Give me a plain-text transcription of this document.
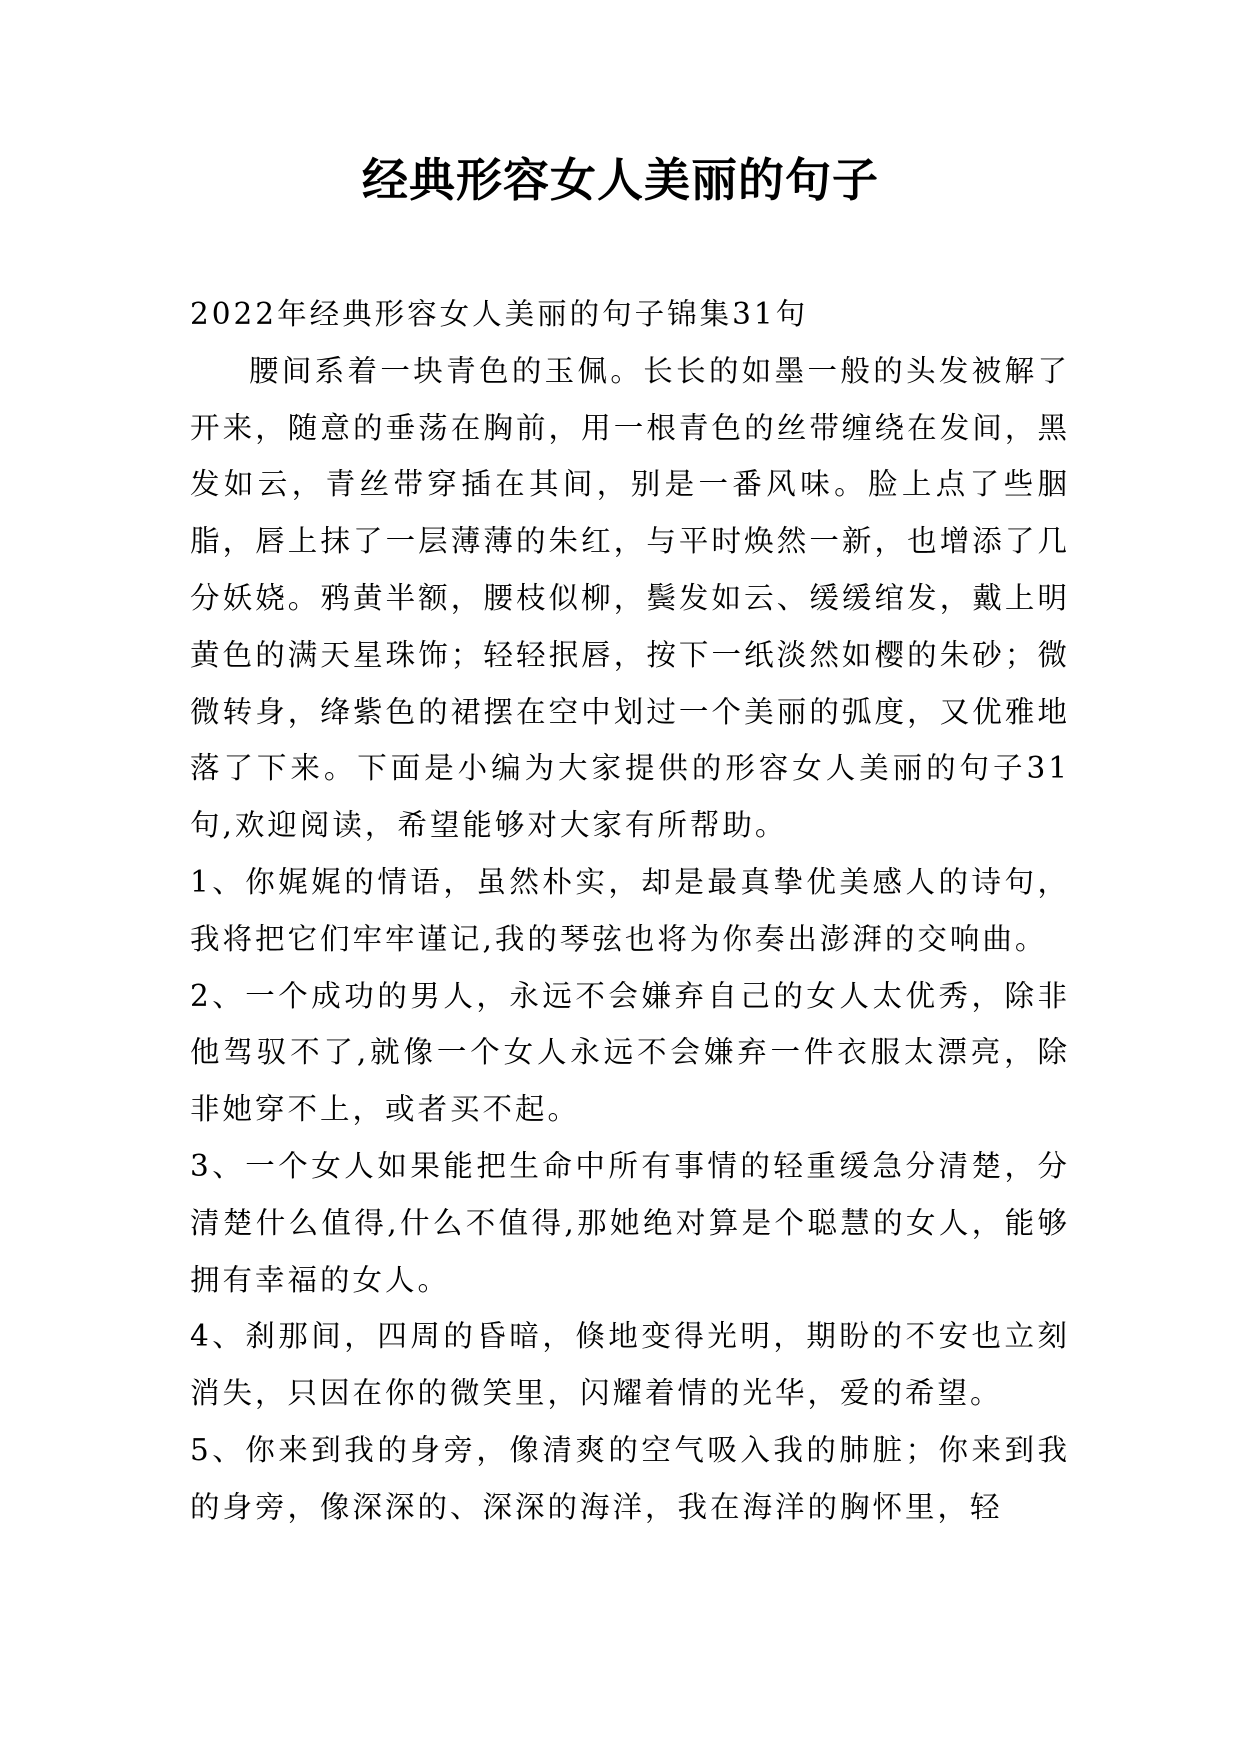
经典形容女人美丽的句子

2022年经典形容女人美丽的句子锦集31句

腰间系着一块青色的玉佩。长长的如墨一般的头发被解了开来，随意的垂荡在胸前，用一根青色的丝带缠绕在发间，黑发如云，青丝带穿插在其间，别是一番风味。脸上点了些胭脂，唇上抹了一层薄薄的朱红，与平时焕然一新，也增添了几分妖娆。鸦黄半额，腰枝似柳，鬓发如云、缓缓绾发，戴上明黄色的满天星珠饰；轻轻抿唇，按下一纸淡然如樱的朱砂；微微转身，绛紫色的裙摆在空中划过一个美丽的弧度，又优雅地落了下来。下面是小编为大家提供的形容女人美丽的句子31句,欢迎阅读，希望能够对大家有所帮助。

1、你娓娓的情语，虽然朴实，却是最真挚优美感人的诗句，我将把它们牢牢谨记,我的琴弦也将为你奏出澎湃的交响曲。

2、一个成功的男人，永远不会嫌弃自己的女人太优秀，除非他驾驭不了,就像一个女人永远不会嫌弃一件衣服太漂亮，除非她穿不上，或者买不起。

3、一个女人如果能把生命中所有事情的轻重缓急分清楚，分清楚什么值得,什么不值得,那她绝对算是个聪慧的女人，能够拥有幸福的女人。

4、刹那间，四周的昏暗，倏地变得光明，期盼的不安也立刻消失，只因在你的微笑里，闪耀着情的光华，爱的希望。

5、你来到我的身旁，像清爽的空气吸入我的肺脏；你来到我的身旁，像深深的、深深的海洋，我在海洋的胸怀里，轻
